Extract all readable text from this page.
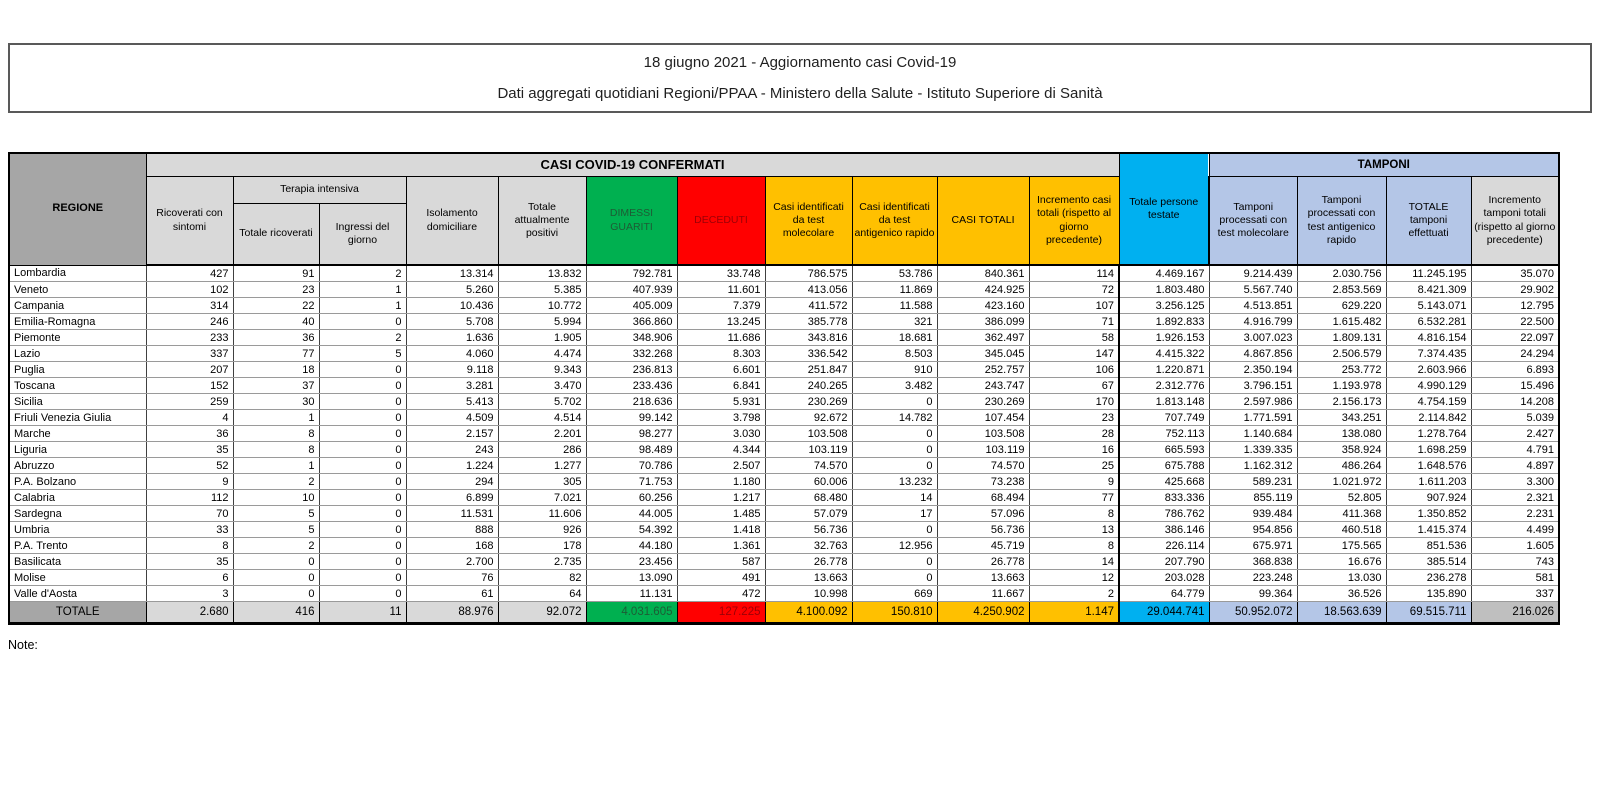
18 giugno 2021 - Aggiornamento casi Covid-19
Dati aggregati quotidiani Regioni/PPAA - Ministero della Salute - Istituto Superiore di Sanità
REGIONE	CASI COVID-19 CONFERMATI											Totale persone testate	TAMPONI			
	Ricoverati con sintomi	Terapia intensiva		Isolamento domiciliare	Totale attualmente positivi	DIMESSI GUARITI	DECEDUTI	Casi identificati da test molecolare	Casi identificati da test antigenico rapido	CASI TOTALI	Incremento casi totali (rispetto al giorno precedente)		Tamponi processati con test molecolare	Tamponi processati con test antigenico rapido	TOTALE tamponi effettuati	Incremento tamponi totali (rispetto al giorno precedente)
		Totale ricoverati	Ingressi del giorno													
Lombardia	427	91	2	13.314	13.832	792.781	33.748	786.575	53.786	840.361	114	4.469.167	9.214.439	2.030.756	11.245.195	35.070
Veneto	102	23	1	5.260	5.385	407.939	11.601	413.056	11.869	424.925	72	1.803.480	5.567.740	2.853.569	8.421.309	29.902
Campania	314	22	1	10.436	10.772	405.009	7.379	411.572	11.588	423.160	107	3.256.125	4.513.851	629.220	5.143.071	12.795
Emilia-Romagna	246	40	0	5.708	5.994	366.860	13.245	385.778	321	386.099	71	1.892.833	4.916.799	1.615.482	6.532.281	22.500
Piemonte	233	36	2	1.636	1.905	348.906	11.686	343.816	18.681	362.497	58	1.926.153	3.007.023	1.809.131	4.816.154	22.097
Lazio	337	77	5	4.060	4.474	332.268	8.303	336.542	8.503	345.045	147	4.415.322	4.867.856	2.506.579	7.374.435	24.294
Puglia	207	18	0	9.118	9.343	236.813	6.601	251.847	910	252.757	106	1.220.871	2.350.194	253.772	2.603.966	6.893
Toscana	152	37	0	3.281	3.470	233.436	6.841	240.265	3.482	243.747	67	2.312.776	3.796.151	1.193.978	4.990.129	15.496
Sicilia	259	30	0	5.413	5.702	218.636	5.931	230.269	0	230.269	170	1.813.148	2.597.986	2.156.173	4.754.159	14.208
Friuli Venezia Giulia	4	1	0	4.509	4.514	99.142	3.798	92.672	14.782	107.454	23	707.749	1.771.591	343.251	2.114.842	5.039
Marche	36	8	0	2.157	2.201	98.277	3.030	103.508	0	103.508	28	752.113	1.140.684	138.080	1.278.764	2.427
Liguria	35	8	0	243	286	98.489	4.344	103.119	0	103.119	16	665.593	1.339.335	358.924	1.698.259	4.791
Abruzzo	52	1	0	1.224	1.277	70.786	2.507	74.570	0	74.570	25	675.788	1.162.312	486.264	1.648.576	4.897
P.A. Bolzano	9	2	0	294	305	71.753	1.180	60.006	13.232	73.238	9	425.668	589.231	1.021.972	1.611.203	3.300
Calabria	112	10	0	6.899	7.021	60.256	1.217	68.480	14	68.494	77	833.336	855.119	52.805	907.924	2.321
Sardegna	70	5	0	11.531	11.606	44.005	1.485	57.079	17	57.096	8	786.762	939.484	411.368	1.350.852	2.231
Umbria	33	5	0	888	926	54.392	1.418	56.736	0	56.736	13	386.146	954.856	460.518	1.415.374	4.499
P.A. Trento	8	2	0	168	178	44.180	1.361	32.763	12.956	45.719	8	226.114	675.971	175.565	851.536	1.605
Basilicata	35	0	0	2.700	2.735	23.456	587	26.778	0	26.778	14	207.790	368.838	16.676	385.514	743
Molise	6	0	0	76	82	13.090	491	13.663	0	13.663	12	203.028	223.248	13.030	236.278	581
Valle d'Aosta	3	0	0	61	64	11.131	472	10.998	669	11.667	2	64.779	99.364	36.526	135.890	337
TOTALE	2.680	416	11	88.976	92.072	4.031.605	127.225	4.100.092	150.810	4.250.902	1.147	29.044.741	50.952.072	18.563.639	69.515.711	216.026
Note:
